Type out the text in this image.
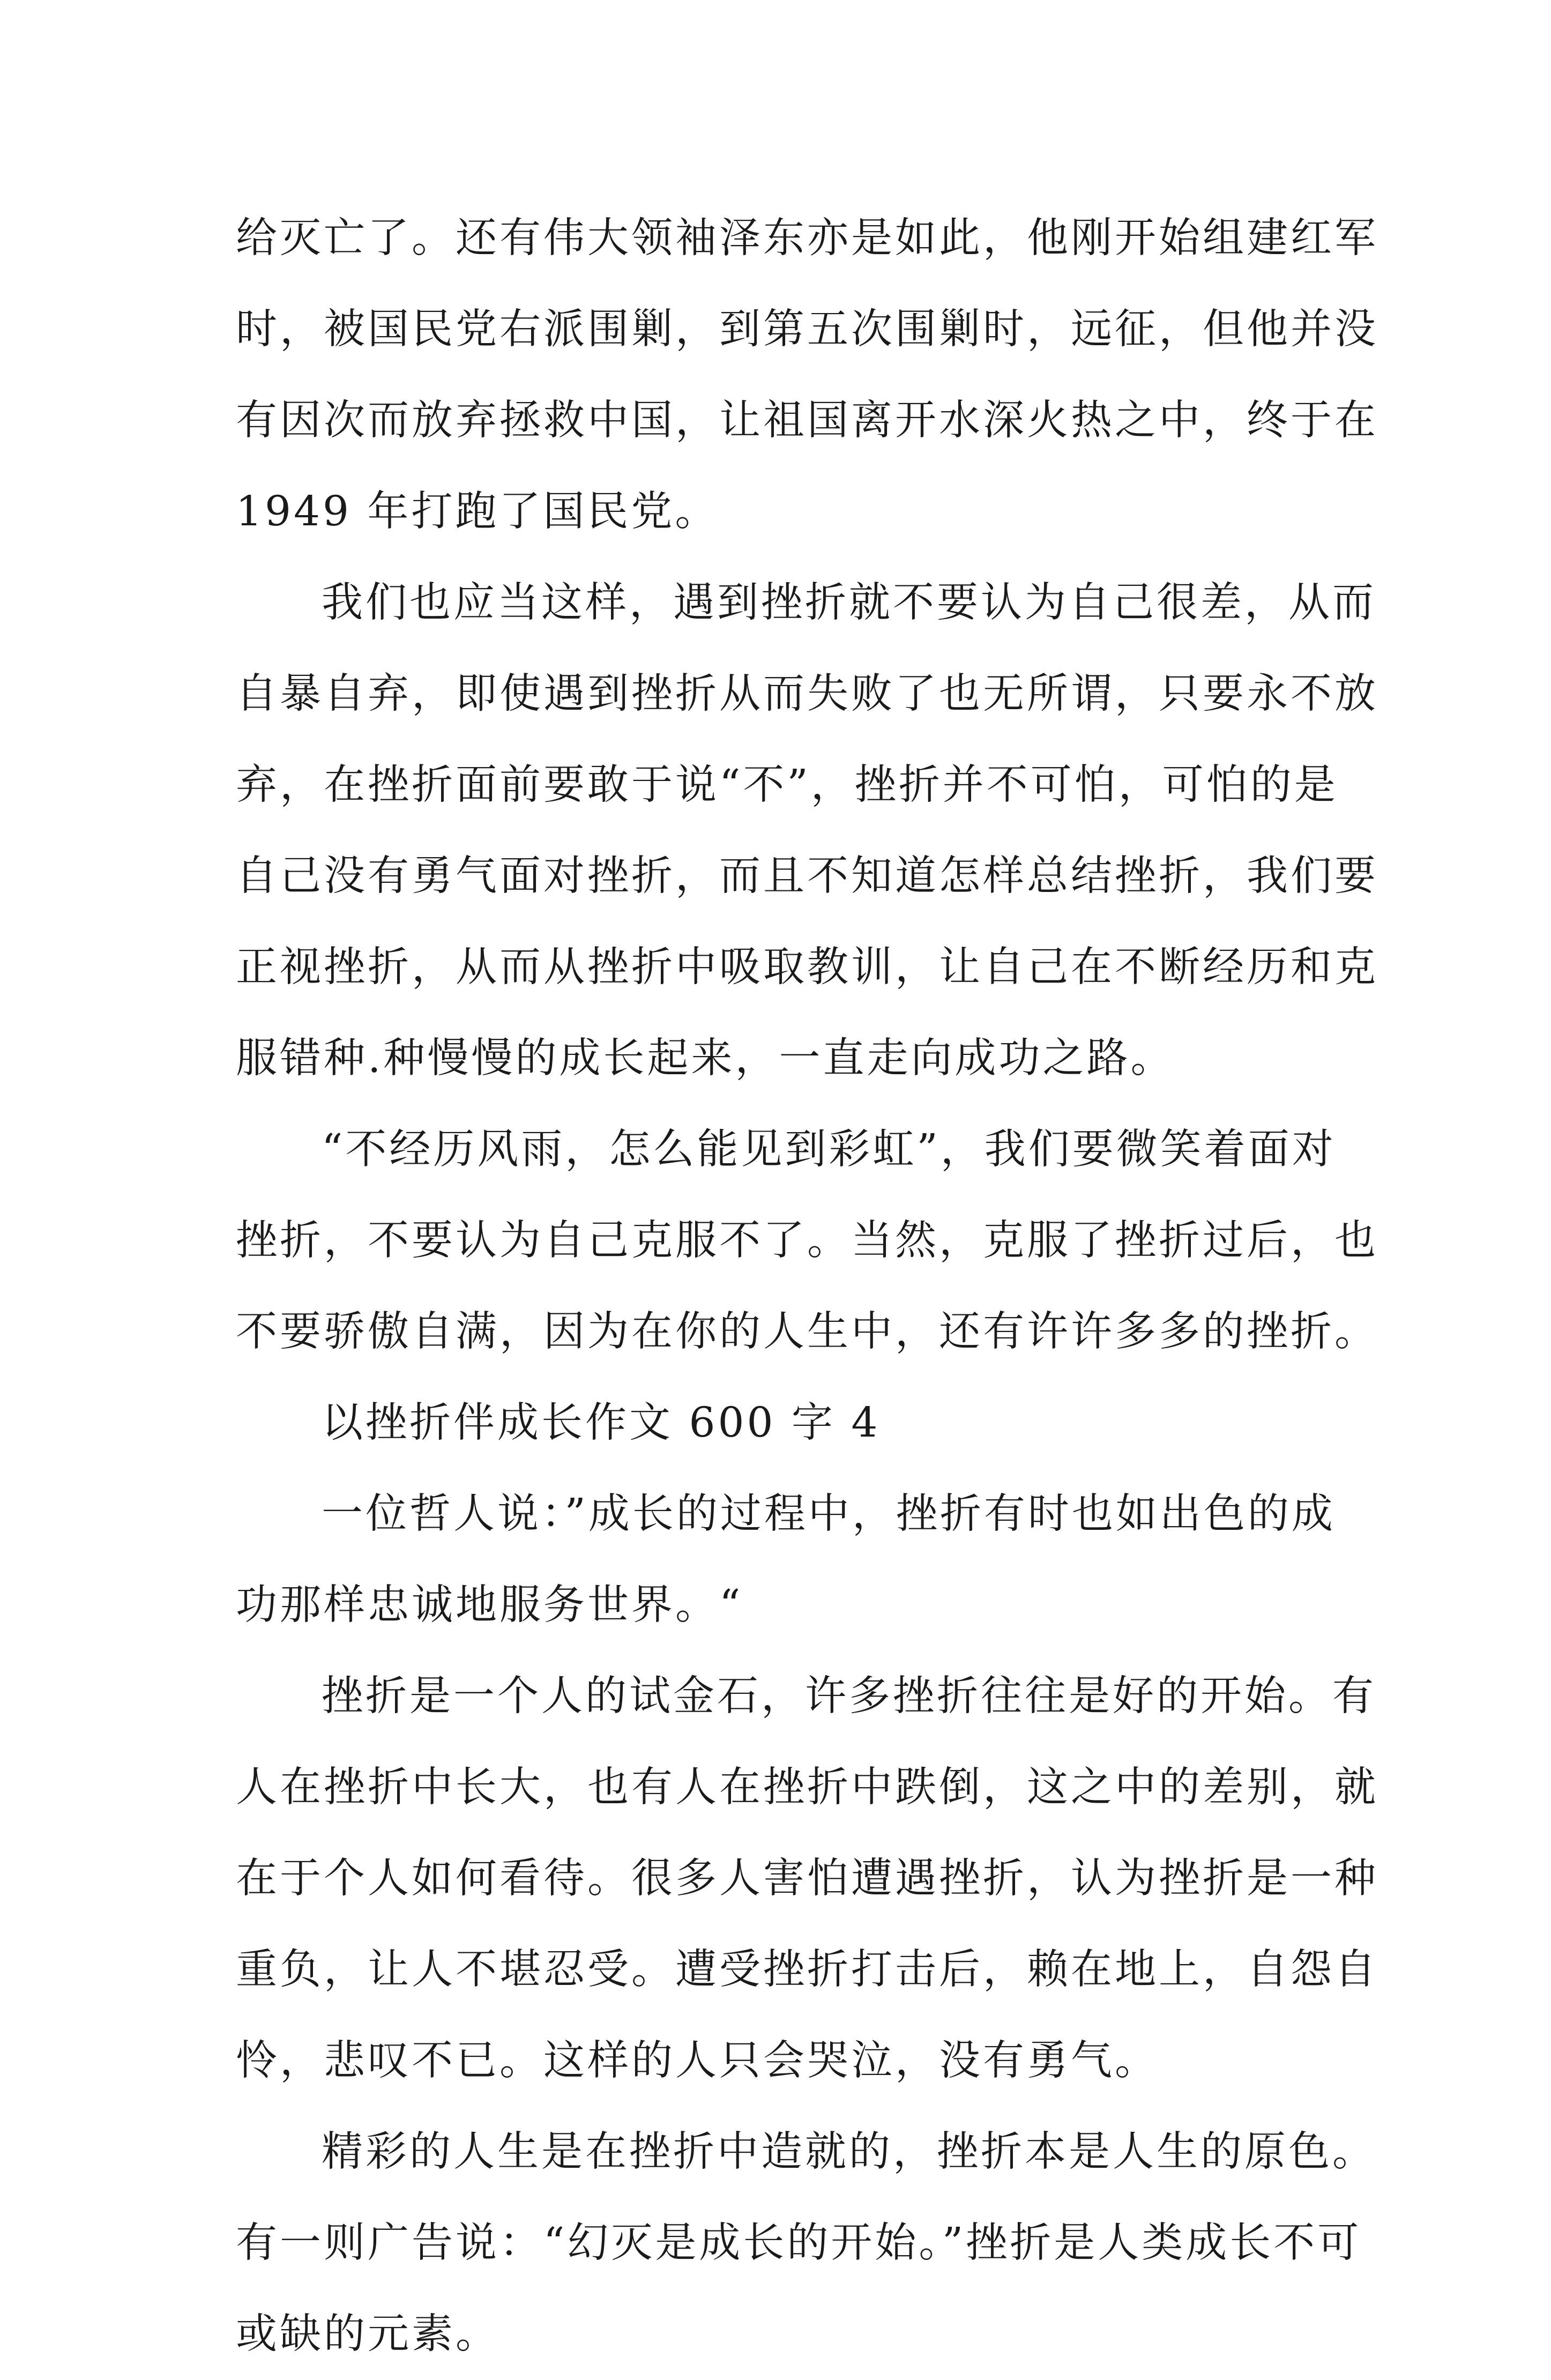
给灭亡了。还有伟大领袖泽东亦是如此，他刚开始组建红军
时，被国民党右派围剿，到第五次围剿时，远征，但他并没
有因次而放弃拯救中国，让祖国离开水深火热之中，终于在
1949 年打跑了国民党。
我们也应当这样，遇到挫折就不要认为自己很差，从而
自暴自弃，即使遇到挫折从而失败了也无所谓，只要永不放
弃，在挫折面前要敢于说“不”，挫折并不可怕，可怕的是
自己没有勇气面对挫折，而且不知道怎样总结挫折，我们要
正视挫折，从而从挫折中吸取教训，让自己在不断经历和克
服错种.种慢慢的成长起来，一直走向成功之路。
“不经历风雨，怎么能见到彩虹”，我们要微笑着面对
挫折，不要认为自己克服不了。当然，克服了挫折过后，也
不要骄傲自满，因为在你的人生中，还有许许多多的挫折。
以挫折伴成长作文 600 字 4
一位哲人说：”成长的过程中，挫折有时也如出色的成
功那样忠诚地服务世界。“
挫折是一个人的试金石，许多挫折往往是好的开始。有
人在挫折中长大，也有人在挫折中跌倒，这之中的差别，就
在于个人如何看待。很多人害怕遭遇挫折，认为挫折是一种
重负，让人不堪忍受。遭受挫折打击后，赖在地上，自怨自
怜，悲叹不已。这样的人只会哭泣，没有勇气。
精彩的人生是在挫折中造就的，挫折本是人生的原色。
有一则广告说：“幻灭是成长的开始。”挫折是人类成长不可
或缺的元素。
